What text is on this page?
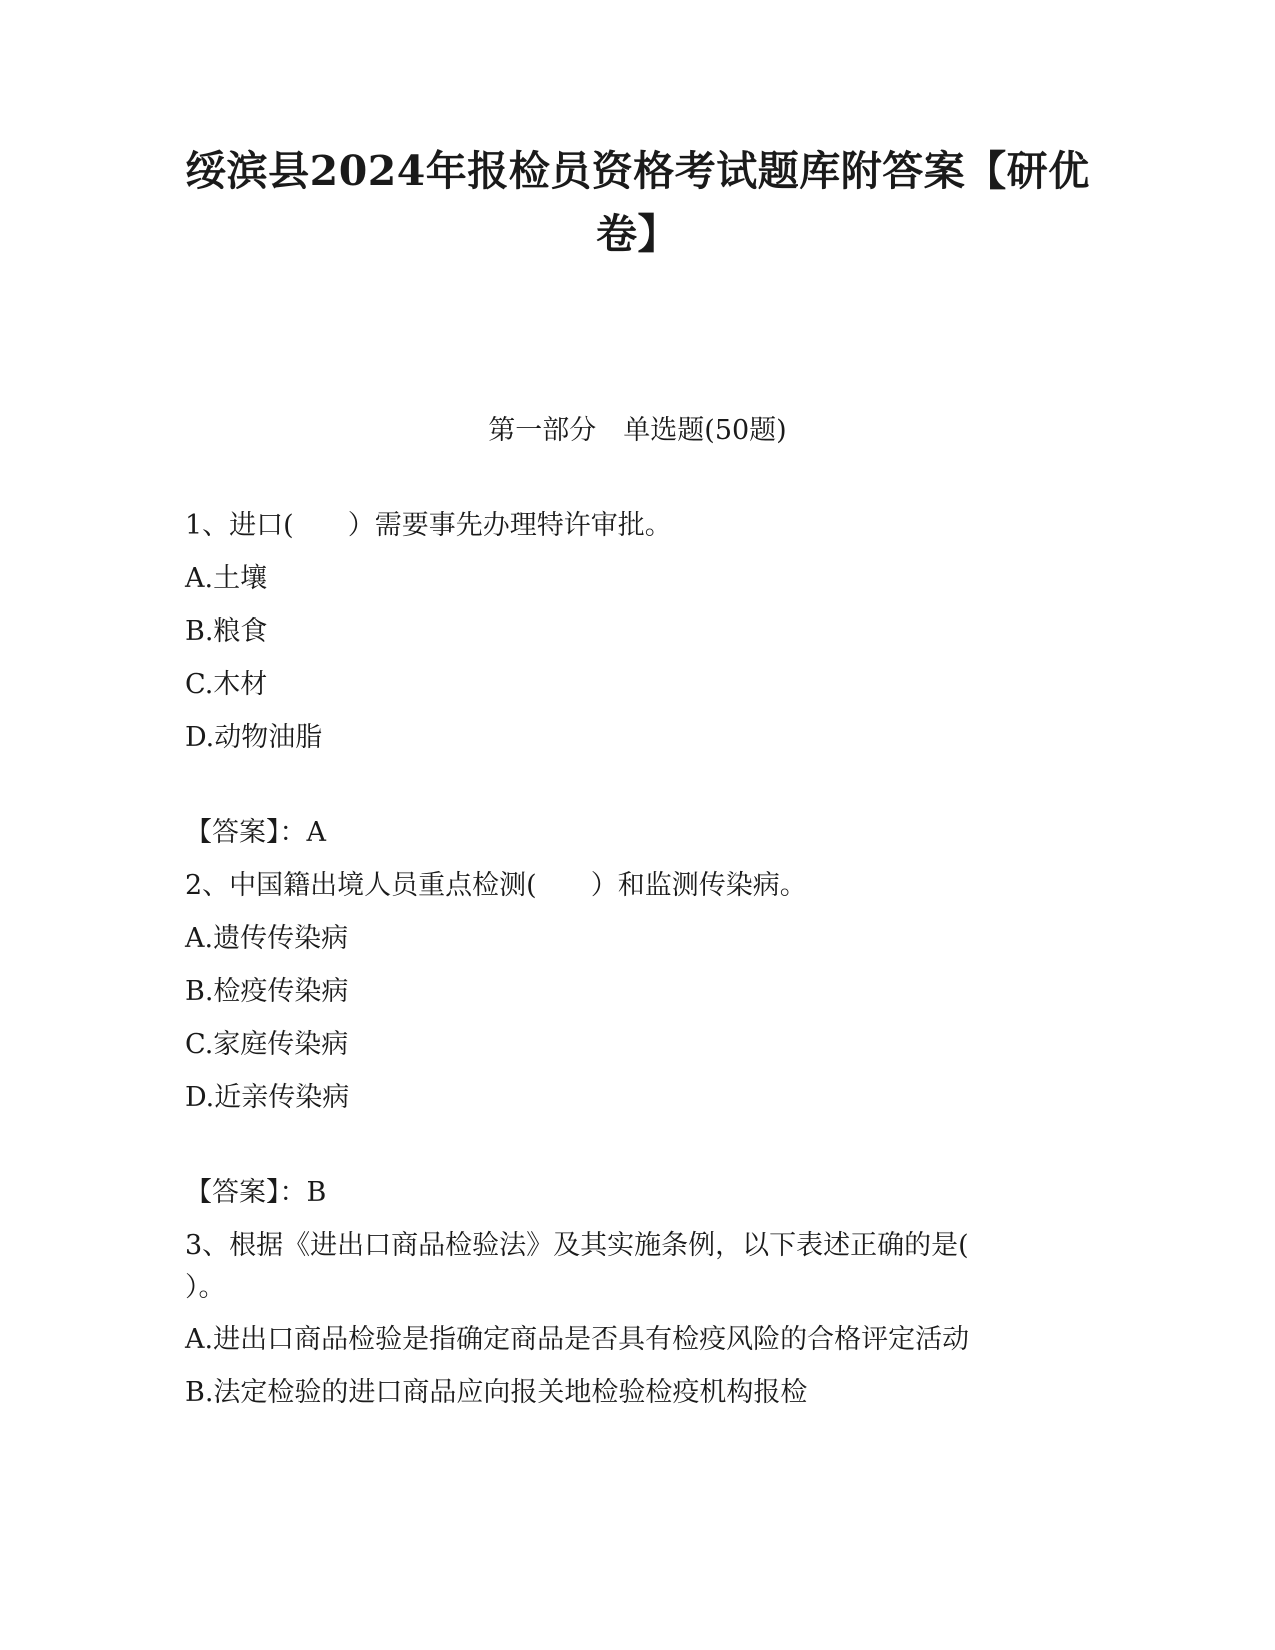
绥滨县2024年报检员资格考试题库附答案【研优
卷】
第一部分　单选题(50题)

1、进口(　　）需要事先办理特许审批。

A.土壤

B.粮食

C.木材

D.动物油脂

【答案】：A

2、中国籍出境人员重点检测(　　）和监测传染病。

A.遗传传染病

B.检疫传染病

C.家庭传染病

D.近亲传染病

【答案】：B

3、根据《进出口商品检验法》及其实施条例，以下表述正确的是(

）。

A.进出口商品检验是指确定商品是否具有检疫风险的合格评定活动

B.法定检验的进口商品应向报关地检验检疫机构报检
